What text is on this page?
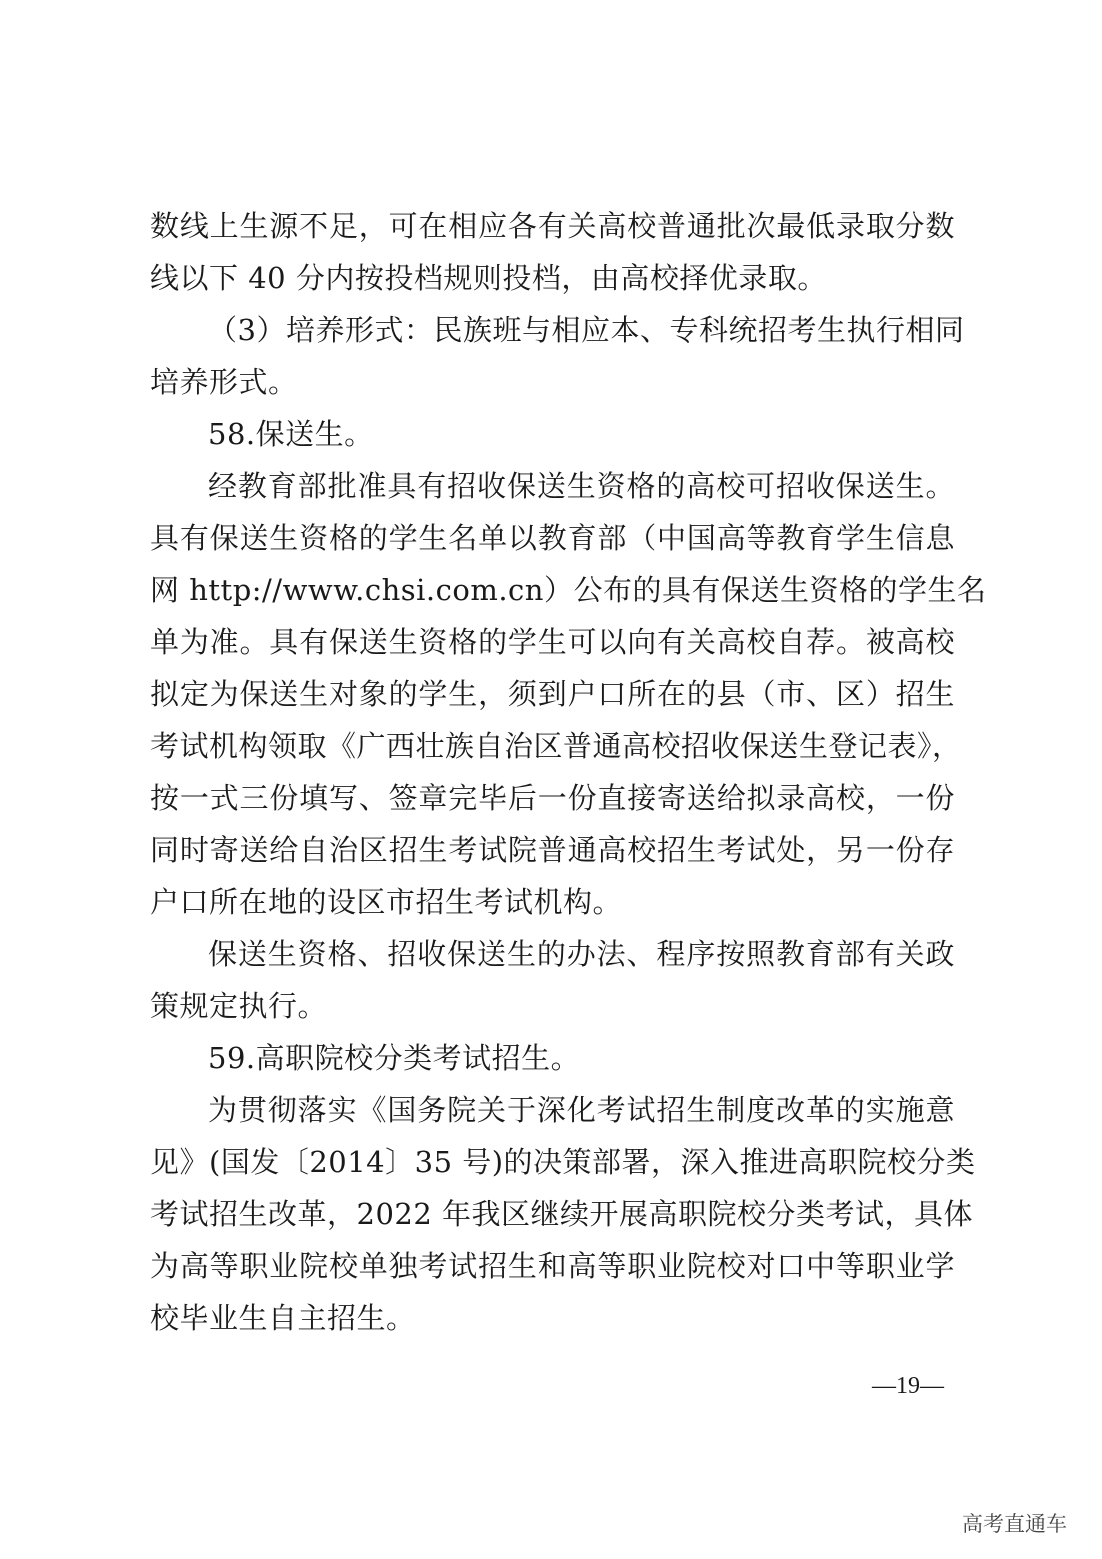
数线上生源不足，可在相应各有关高校普通批次最低录取分数
线以下 40 分内按投档规则投档，由高校择优录取。
（3）培养形式：民族班与相应本、专科统招考生执行相同
培养形式。
58.保送生。
经教育部批准具有招收保送生资格的高校可招收保送生。
具有保送生资格的学生名单以教育部（中国高等教育学生信息
网 http://www.chsi.com.cn）公布的具有保送生资格的学生名
单为准。具有保送生资格的学生可以向有关高校自荐。被高校
拟定为保送生对象的学生，须到户口所在的县（市、区）招生
考试机构领取《广西壮族自治区普通高校招收保送生登记表》，
按一式三份填写、签章完毕后一份直接寄送给拟录高校，一份
同时寄送给自治区招生考试院普通高校招生考试处，另一份存
户口所在地的设区市招生考试机构。
保送生资格、招收保送生的办法、程序按照教育部有关政
策规定执行。
59.高职院校分类考试招生。
为贯彻落实《国务院关于深化考试招生制度改革的实施意
见》(国发〔2014〕35 号)的决策部署，深入推进高职院校分类
考试招生改革，2022 年我区继续开展高职院校分类考试，具体
为高等职业院校单独考试招生和高等职业院校对口中等职业学
校毕业生自主招生。
—19—
高考直通车
